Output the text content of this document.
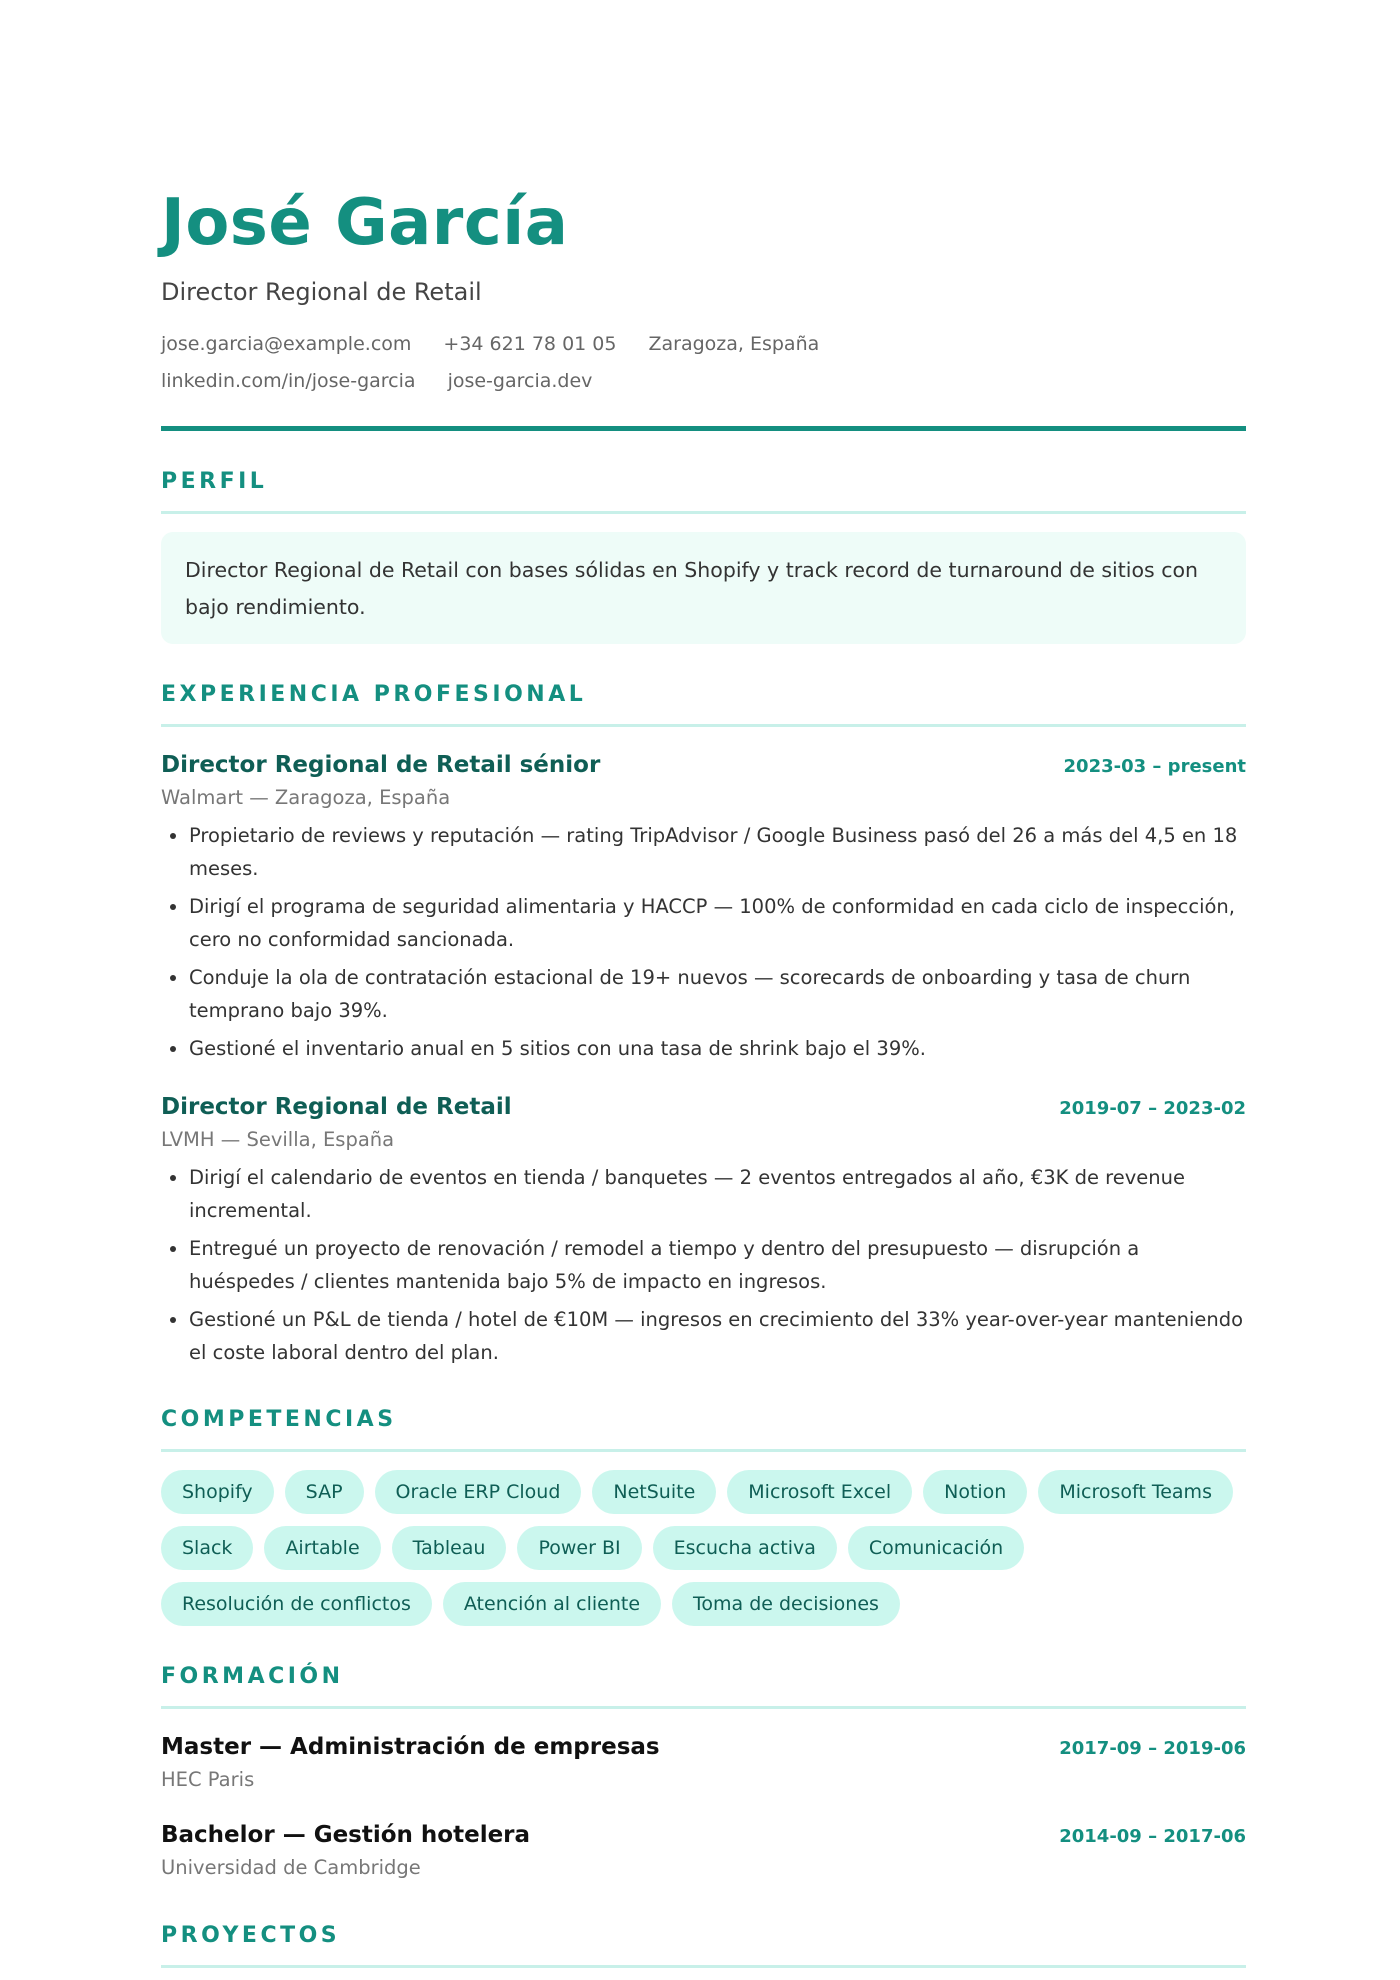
José García
Director Regional de Retail
jose.garcia@example.com +34 621 78 01 05 Zaragoza, España
linkedin.com/in/jose-garcia jose-garcia.dev
PERFIL
Director Regional de Retail con bases sólidas en Shopify y track record de turnaround de sitios con bajo rendimiento.
EXPERIENCIA PROFESIONAL
Director Regional de Retail sénior	2023-03 – present
Walmart — Zaragoza, España
• Propietario de reviews y reputación — rating TripAdvisor / Google Business pasó del 26 a más del 4,5 en 18 meses.
• Dirigí el programa de seguridad alimentaria y HACCP — 100% de conformidad en cada ciclo de inspección, cero no conformidad sancionada.
• Conduje la ola de contratación estacional de 19+ nuevos — scorecards de onboarding y tasa de churn temprano bajo 39%.
• Gestioné el inventario anual en 5 sitios con una tasa de shrink bajo el 39%.
Director Regional de Retail	2019-07 – 2023-02
LVMH — Sevilla, España
• Dirigí el calendario de eventos en tienda / banquetes — 2 eventos entregados al año, €3K de revenue incremental.
• Entregué un proyecto de renovación / remodel a tiempo y dentro del presupuesto — disrupción a huéspedes / clientes mantenida bajo 5% de impacto en ingresos.
• Gestioné un P&L de tienda / hotel de €10M — ingresos en crecimiento del 33% year-over-year manteniendo el coste laboral dentro del plan.
COMPETENCIAS
Shopify	SAP	Oracle ERP Cloud	NetSuite	Microsoft Excel	Notion	Microsoft Teams
Slack	Airtable	Tableau	Power BI	Escucha activa	Comunicación
Resolución de conflictos	Atención al cliente	Toma de decisiones
FORMACIÓN
Master — Administración de empresas	2017-09 – 2019-06
HEC Paris
Bachelor — Gestión hotelera	2014-09 – 2017-06
Universidad de Cambridge
PROYECTOS
